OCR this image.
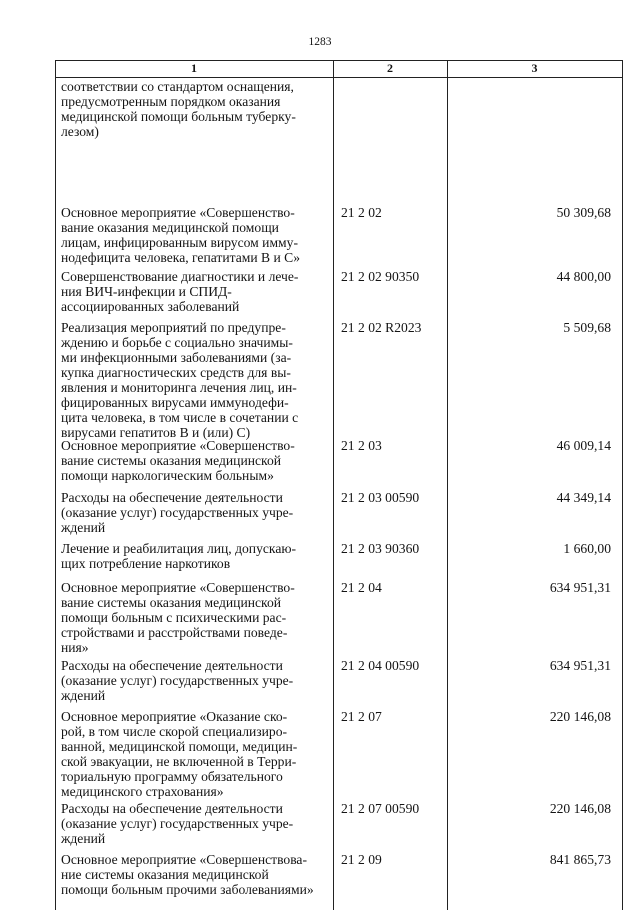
1283
1	2	3
соответствии со стандартом оснащения,
предусмотренным порядком оказания
медицинской помощи больным туберку-
лезом)
Основное мероприятие «Совершенство-
вание оказания медицинской помощи
лицам, инфицированным вирусом имму-
нодефицита человека, гепатитами В и С»
21 2 02	50 309,68
Совершенствование диагностики и лече-
ния ВИЧ-инфекции и СПИД-
ассоциированных заболеваний
21 2 02 90350	44 800,00
Реализация мероприятий по предупре-
ждению и борьбе с социально значимы-
ми инфекционными заболеваниями (за-
купка диагностических средств для вы-
явления и мониторинга лечения лиц, ин-
фицированных вирусами иммунодефи-
цита человека, в том числе в сочетании с
вирусами гепатитов В и (или) С)
21 2 02 R2023	5 509,68
Основное мероприятие «Совершенство-
вание системы оказания медицинской
помощи наркологическим больным»
21 2 03	46 009,14
Расходы на обеспечение деятельности
(оказание услуг) государственных учре-
ждений
21 2 03 00590	44 349,14
Лечение и реабилитация лиц, допускаю-
щих потребление наркотиков
21 2 03 90360	1 660,00
Основное мероприятие «Совершенство-
вание системы оказания медицинской
помощи больным с психическими рас-
стройствами и расстройствами поведе-
ния»
21 2 04	634 951,31
Расходы на обеспечение деятельности
(оказание услуг) государственных учре-
ждений
21 2 04 00590	634 951,31
Основное мероприятие «Оказание ско-
рой, в том числе скорой специализиро-
ванной, медицинской помощи, медицин-
ской эвакуации, не включенной в Терри-
ториальную программу обязательного
медицинского страхования»
21 2 07	220 146,08
Расходы на обеспечение деятельности
(оказание услуг) государственных учре-
ждений
21 2 07 00590	220 146,08
Основное мероприятие «Совершенствова-
ние системы оказания медицинской
помощи больным прочими заболеваниями»
21 2 09	841 865,73
